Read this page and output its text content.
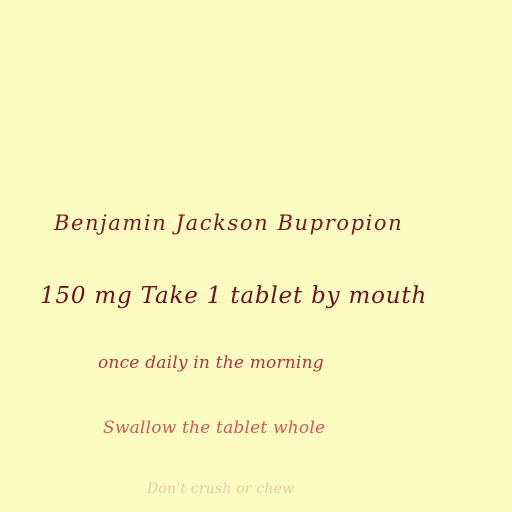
Benjamin Jackson Bupropion
150 mg Take 1 tablet by mouth
once daily in the morning
Swallow the tablet whole
Don't crush or chew
